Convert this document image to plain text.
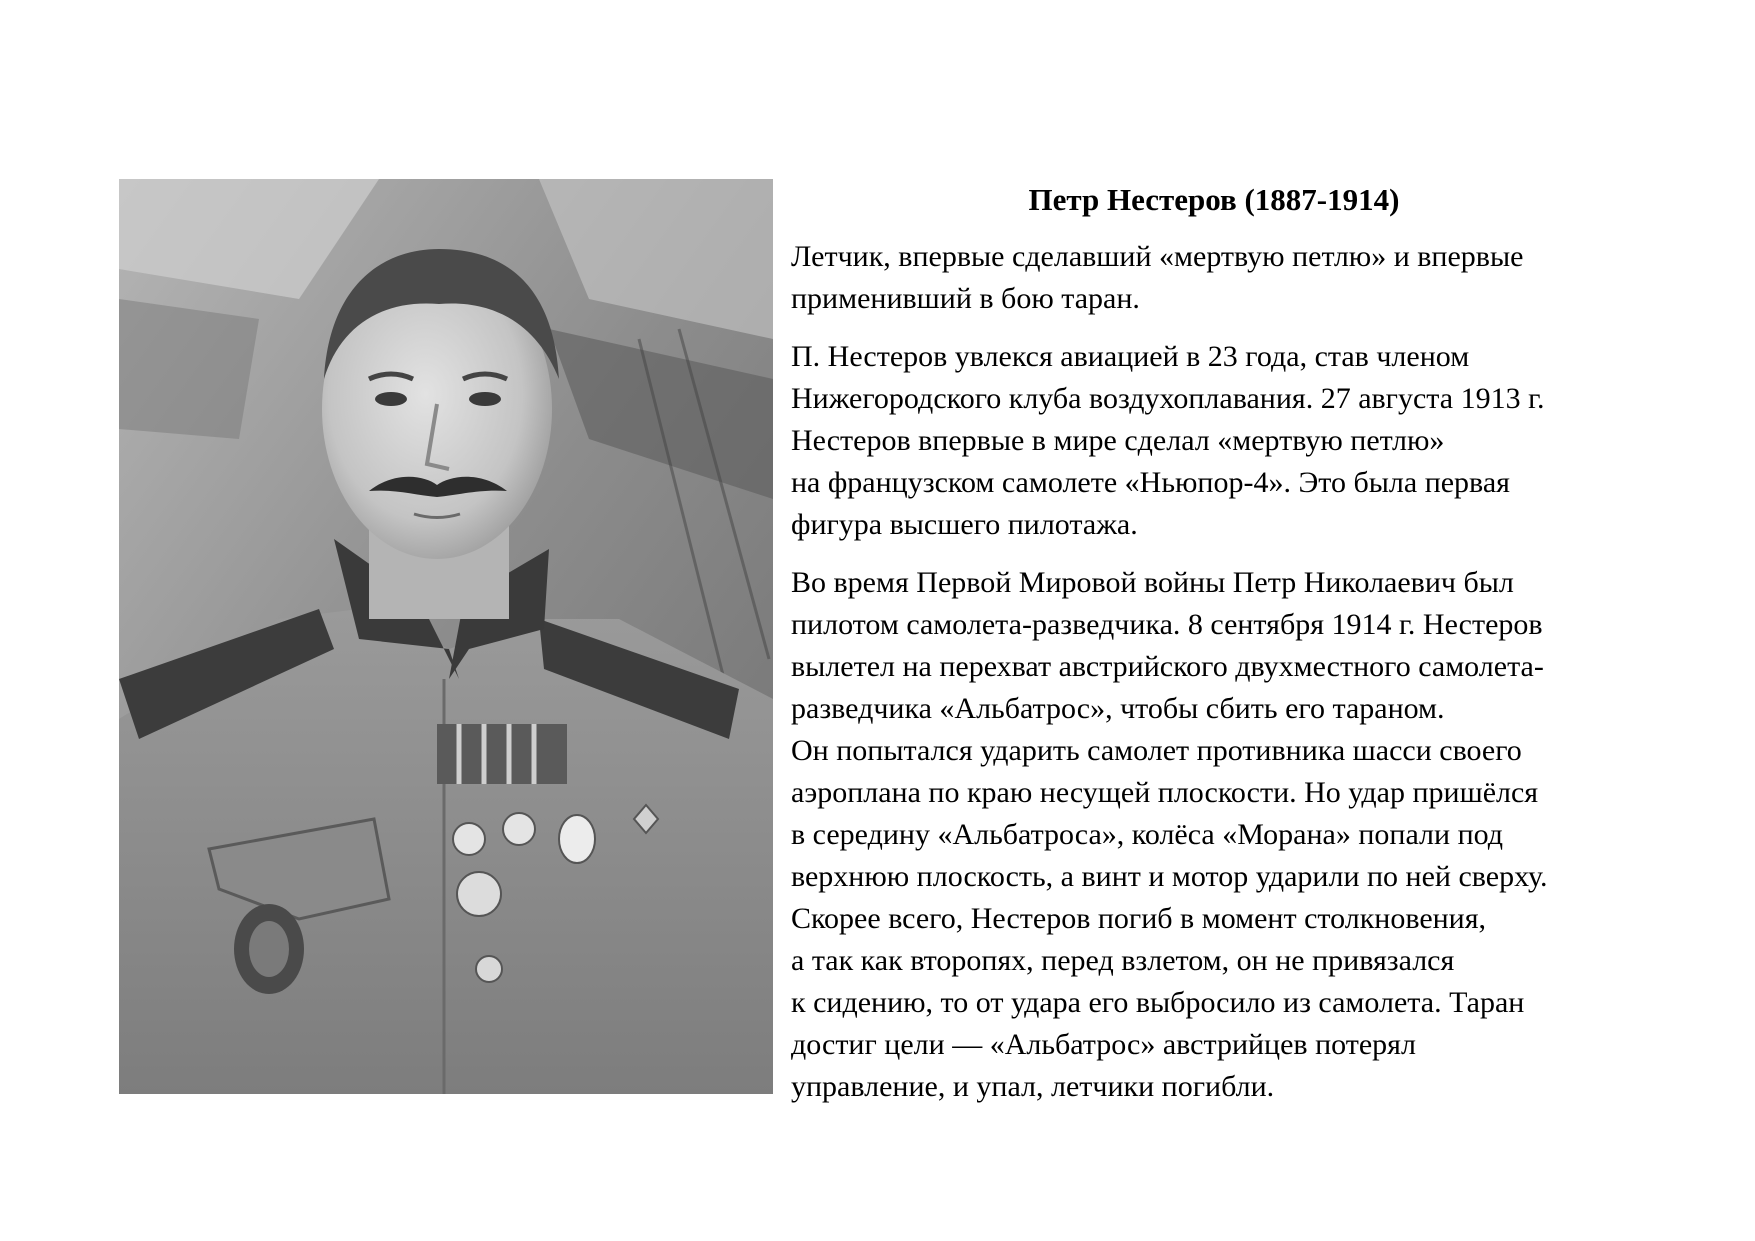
Петр Нестеров (1887-1914)

Летчик, впервые сделавший «мертвую петлю» и впервые
применивший в бою таран.

П. Нестеров увлекся авиацией в 23 года, став членом
Нижегородского клуба воздухоплавания. 27 августа 1913 г.
Нестеров впервые в мире сделал «мертвую петлю»
на французском самолете «Ньюпор-4». Это была первая
фигура высшего пилотажа.

Во время Первой Мировой войны Петр Николаевич был
пилотом самолета-разведчика. 8 сентября 1914 г. Нестеров
вылетел на перехват австрийского двухместного самолета-
разведчика «Альбатрос», чтобы сбить его тараном.
Он попытался ударить самолет противника шасси своего
аэроплана по краю несущей плоскости. Но удар пришёлся
в середину «Альбатроса», колёса «Морана» попали под
верхнюю плоскость, а винт и мотор ударили по ней сверху.
Скорее всего, Нестеров погиб в момент столкновения,
а так как второпях, перед взлетом, он не привязался
к сидению, то от удара его выбросило из самолета. Таран
достиг цели — «Альбатрос» австрийцев потерял
управление, и упал, летчики погибли.
